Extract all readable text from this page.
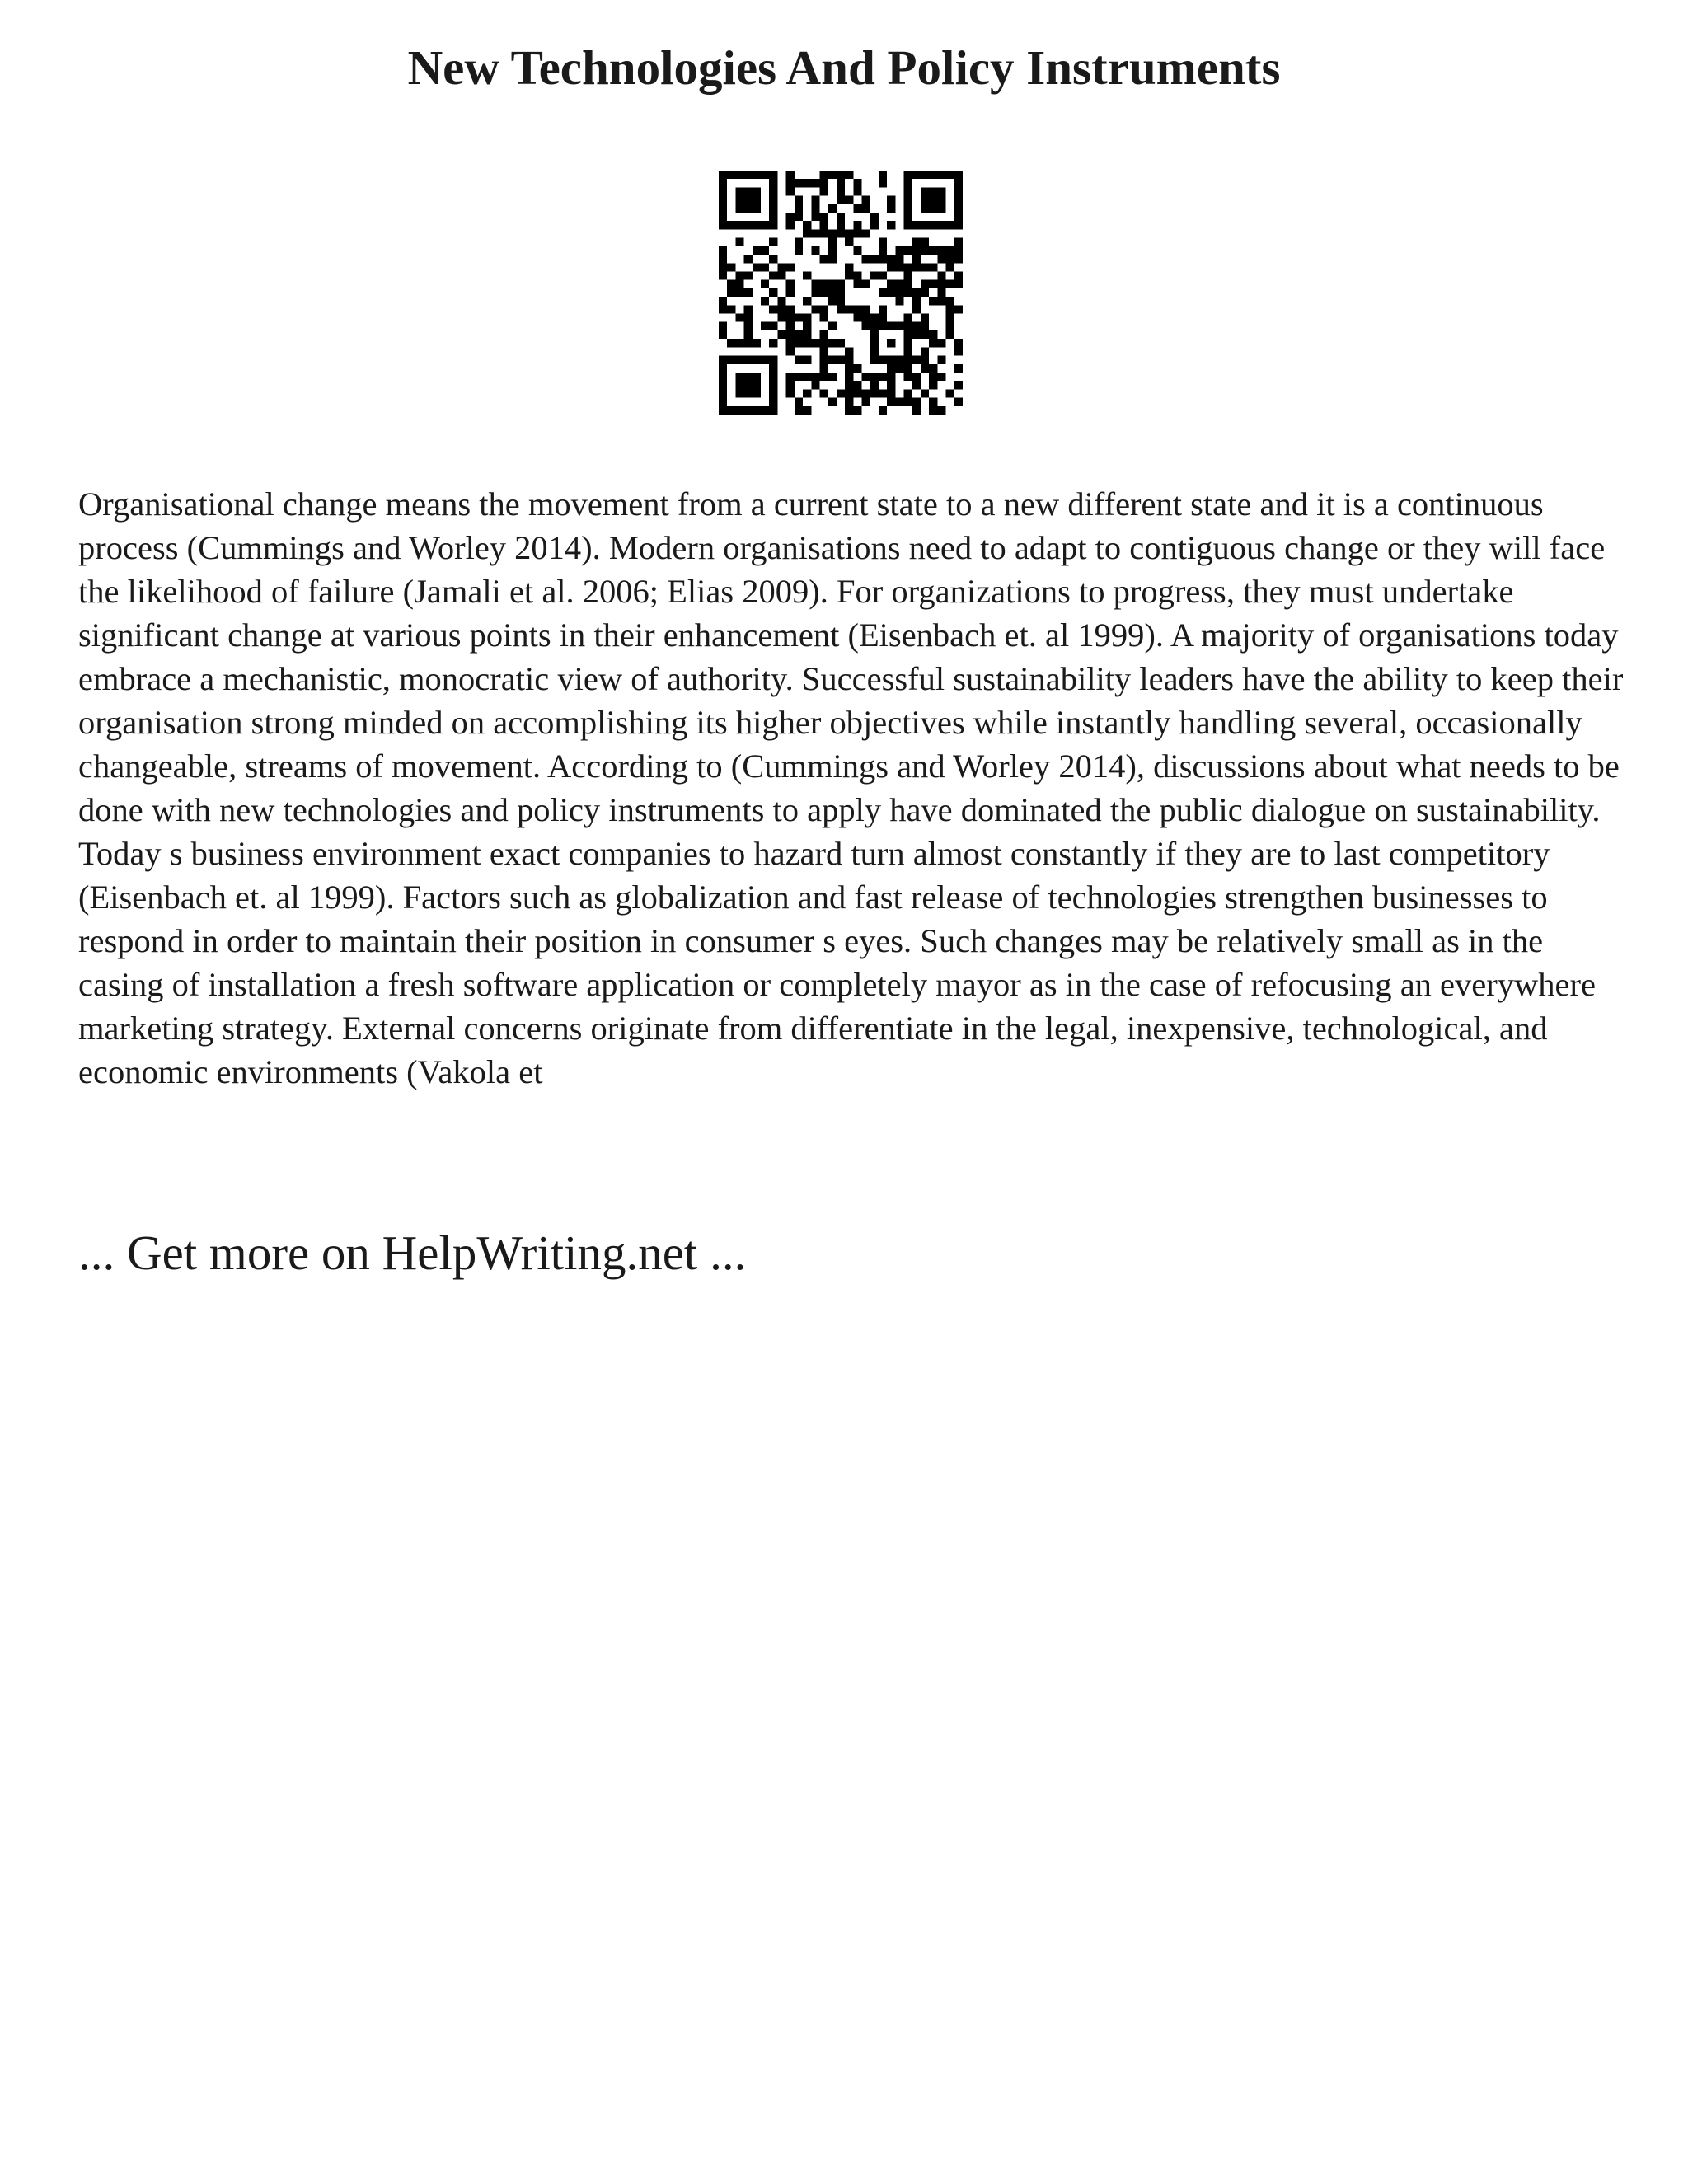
New Technologies And Policy Instruments

Organisational change means the movement from a current state to a new different state and it is a continuous process (Cummings and Worley 2014). Modern organisations need to adapt to contiguous change or they will face the likelihood of failure (Jamali et al. 2006; Elias 2009). For organizations to progress, they must undertake significant change at various points in their enhancement (Eisenbach et. al 1999). A majority of organisations today embrace a mechanistic, monocratic view of authority. Successful sustainability leaders have the ability to keep their organisation strong minded on accomplishing its higher objectives while instantly handling several, occasionally changeable, streams of movement. According to (Cummings and Worley 2014), discussions about what needs to be done with new technologies and policy instruments to apply have dominated the public dialogue on sustainability.

Today s business environment exact companies to hazard turn almost constantly if they are to last competitory (Eisenbach et. al 1999). Factors such as globalization and fast release of technologies strengthen businesses to respond in order to maintain their position in consumer s eyes. Such changes may be relatively small as in the casing of installation a fresh software application or completely mayor as in the case of refocusing an everywhere marketing strategy. External concerns originate from differentiate in the legal, inexpensive, technological, and economic environments (Vakola et

... Get more on HelpWriting.net ...
